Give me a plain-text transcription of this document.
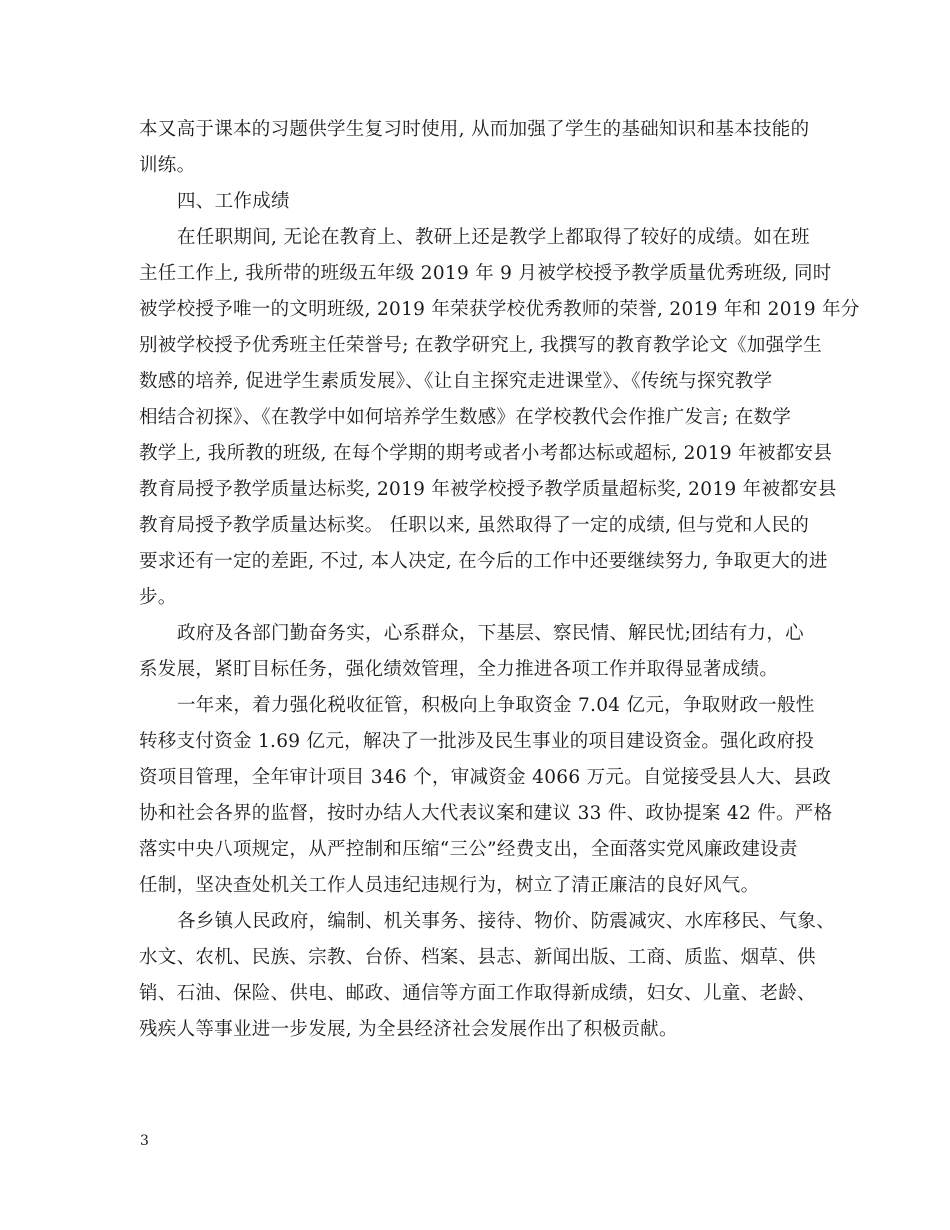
本又高于课本的习题供学生复习时使用, 从而加强了学生的基础知识和基本技能的
训练。
四、工作成绩
在任职期间, 无论在教育上、教研上还是教学上都取得了较好的成绩。如在班
主任工作上, 我所带的班级五年级 2019 年 9 月被学校授予教学质量优秀班级, 同时
被学校授予唯一的文明班级, 2019 年荣获学校优秀教师的荣誉, 2019 年和 2019 年分
别被学校授予优秀班主任荣誉号; 在教学研究上, 我撰写的教育教学论文《加强学生
数感的培养, 促进学生素质发展》、《让自主探究走进课堂》、《传统与探究教学
相结合初探》、《在教学中如何培养学生数感》在学校教代会作推广发言; 在数学
教学上, 我所教的班级, 在每个学期的期考或者小考都达标或超标, 2019 年被都安县
教育局授予教学质量达标奖, 2019 年被学校授予教学质量超标奖, 2019 年被都安县
教育局授予教学质量达标奖。 任职以来, 虽然取得了一定的成绩, 但与党和人民的
要求还有一定的差距, 不过, 本人决定, 在今后的工作中还要继续努力, 争取更大的进
步。
政府及各部门勤奋务实，心系群众，下基层、察民情、解民忧;团结有力，心
系发展，紧盯目标任务，强化绩效管理，全力推进各项工作并取得显著成绩。
一年来，着力强化税收征管，积极向上争取资金 7.04 亿元，争取财政一般性
转移支付资金 1.69 亿元，解决了一批涉及民生事业的项目建设资金。强化政府投
资项目管理，全年审计项目 346 个，审减资金 4066 万元。自觉接受县人大、县政
协和社会各界的监督，按时办结人大代表议案和建议 33 件、政协提案 42 件。严格
落实中央八项规定，从严控制和压缩“三公”经费支出，全面落实党风廉政建设责
任制，坚决查处机关工作人员违纪违规行为，树立了清正廉洁的良好风气。
各乡镇人民政府，编制、机关事务、接待、物价、防震减灾、水库移民、气象、
水文、农机、民族、宗教、台侨、档案、县志、新闻出版、工商、质监、烟草、供
销、石油、保险、供电、邮政、通信等方面工作取得新成绩，妇女、儿童、老龄、
残疾人等事业进一步发展, 为全县经济社会发展作出了积极贡献。
3
